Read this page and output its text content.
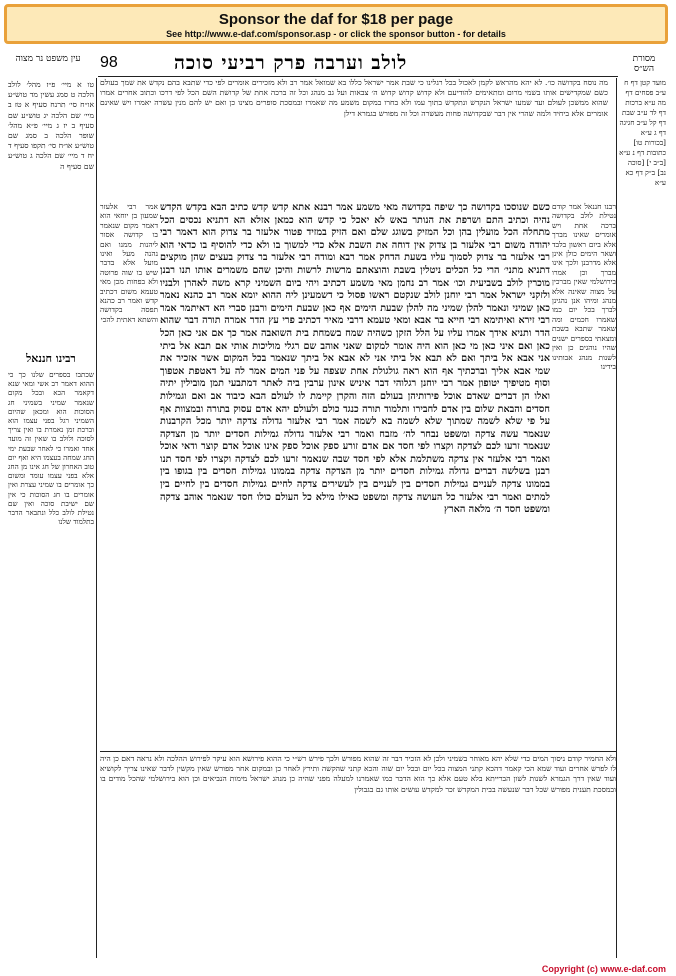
Sponsor the daf for $18 per page
See http://www.e-daf.com/sponsor.asp - or click the sponsor button - for details
עין משפט נר מצוה	98	לולב וערבה פרק רביעי סוכה	מסורת הש״ס
טו א מיי׳ פ״ז מהל׳ לולב הלכה ט סמג עשין מד טוש״ע או״ח סי׳ תרנח סעיף א טז ב מיי׳ שם הלכה יג טוש״ע שם סעיף ב יז ג מיי׳ פ״א מהל׳ שופר הלכה ב סמג שם טוש״ע או״ח סי׳ תקפו סעיף ד יח ד מיי׳ שם הלכה ג טוש״ע שם סעיף ה
רבינו חננאל
שכתבו בספרים שלנו כך כי ההוא דאמר רב אשי ומאי שנא דקאמר הכא ובכל מקום שנאמר שמיני בשמיני חג הסוכות הוא ומכאן שהיום השמיני רגל בפני עצמו הוא וברכת זמן נאמרת בו ואין צריך לסוכה ולולב בו שאין זה מועד אחד ואמרו כי לאחר שבעת ימי החג שמחה בעצמו היא ואף יום טוב האחרון של חג אינו מן החג אלא בפני עצמו עומד ומשום כך אומרים בו שמיני עצרת ואין אומרים בו חג הסוכות כי אין שם ישיבת סוכה ואין שם נטילת לולב כלל ונתבאר הדבר בתלמוד שלנו
מה נוסח בקדושה כו׳. לא יהא מהראש לקמן לאכול בכל רגלינו כי שבת אמר ישראל כללו בא שמואל אמר רב ולא מזכירים אומרים לפי כדי שתבא בהם נקדש את שמך בעולם כשם שמקדישים אותו בשמי מרום ומתאימים להודיעם ולא קדוש קדוש קדוש ה׳ צבאות ועל גב מנהג וכל זה ברכה אחת של קדושת השם הכל לפי דרכו וכתוב אחרים אמרו שהוא ממשכן לעולם ועד שמעו ישראל הנקדש ונתקדש בתוך עמו ולא בחרו במקום משמע מה שאמרו ובמסכת סופרים מצינו כן ואם יש להם מנין עשרה יאמרו ויש שאינם אומרים אלא ביחיד ולמה שהרי אין דבר שבקדושה פחות מעשרה וכל זה מפורש בגמרא דילן
אמר רבי אלעזר שמעון בן יוחאי הוא דאמר מקום שנאמר בו קדושה אסור ליהנות ממנו ואם נהנה מעל ואינו מועל אלא בדבר שיש בו שוה פרוטה ולא בפחות מכן מאי טעמא משום דכתיב קדש ואמר רב כהנא תפסה בקדושה והשתא דאתית להכי
כשם שנוסכו בקדושה כך שיפה בקדושה מאי משמע אמר רבנא אתא קדש קדש כתיב הבא בקדש הקדש נהיה וכתיב התם ושרפת את הנותר באש לא יאכל כי קדש הוא כמאן אזלא הא דתניא נכסים הכל מתחלה הכל מועלין בהן וכל המזיק בשוגג שלם ואם הזיק במזיד פטור אלעזר בר צדוק הוא דאמר רבי יהודה משום רבי אלעזר בן צדוק אין דוחה את השבת אלא כדי למשוך בו ולא כדי להוסיף בו כדאי הוא רבי אלעזר בר צדוק לסמוך עליו בשעת הדחק אמר רבא ומודה רבי אלעזר בר צדוק בעצים שהן מוקצים דתניא מתני׳ הרי כל הכלים ניטלין בשבת והוצאתם מרשות לרשות והיכן שהם משמרים אותו תנו רבנן מוכרין לולב בשביעית וכו׳ אמר רב נחמן מאי משמע דכתיב ויהי ביום השמיני קרא משה לאהרן ולבניו ולזקני ישראל אמר רבי יוחנן לולב שנקטם ראשו פסול כי דשמעינן ליה ההוא יומא אמר רב כהנא נאמר כאן שמיני ונאמר להלן שמיני מה להלן שבעת הימים אף כאן שבעת הימים ורבנן סברי הא דאיתמר אמר רבי זירא ואיתימא רבי חייא בר אבא ומאי טעמא דרבי מאיר דכתיב פרי עץ הדר אמרה תורה דבר שהוא הדר ותניא אידך אמרו עליו על הלל הזקן כשהיה שמח בשמחת בית השואבה אמר כך אם אני כאן הכל כאן ואם איני כאן מי כאן הוא היה אומר למקום שאני אוהב שם רגלי מוליכות אותי אם תבא אל ביתי אני אבא אל ביתך ואם לא תבא אל ביתי אני לא אבא אל ביתך שנאמר בכל המקום אשר אזכיר את שמי אבא אליך וברכתיך אף הוא ראה גולגולת אחת שצפה על פני המים אמר לה על דאטפת אטפוך וסוף מטיפיך יטופון אמר רבי יוחנן רגלוהי דבר איניש אינון ערבין ביה לאתר דמתבעי תמן מובילין יתיה ואלו הן דברים שאדם אוכל פירותיהן בעולם הזה והקרן קיימת לו לעולם הבא כיבוד אב ואם וגמילות חסדים והבאת שלום בין אדם לחבירו ותלמוד תורה כנגד כולם ולעולם יהא אדם עסוק בתורה ובמצוות אף על פי שלא לשמה שמתוך שלא לשמה בא לשמה אמר רבי אלעזר גדולה צדקה יותר מכל הקרבנות שנאמר עשה צדקה ומשפט נבחר לה׳ מזבח ואמר רבי אלעזר גדולה גמילות חסדים יותר מן הצדקה שנאמר זרעו לכם לצדקה וקצרו לפי חסד אם אדם זורע ספק אוכל ספק אינו אוכל אדם קוצר ודאי אוכל ואמר רבי אלעזר אין צדקה משתלמת אלא לפי חסד שבה שנאמר זרעו לכם לצדקה וקצרו לפי חסד תנו רבנן בשלשה דברים גדולה גמילות חסדים יותר מן הצדקה צדקה בממונו גמילות חסדים בין בגופו בין בממונו צדקה לעניים גמילות חסדים בין לעניים בין לעשירים צדקה לחיים גמילות חסדים בין לחיים בין למתים ואמר רבי אלעזר כל העושה צדקה ומשפט כאילו מילא כל העולם כולו חסד שנאמר אוהב צדקה ומשפט חסד ה׳ מלאה הארץ
רבנו חננאל אמר קודם נטילת לולב בקדושה ברכה אחת ויש אומרים שאינו מברך אלא ביום ראשון בלבד ושאר הימים כולן אינן אלא מדרבנן ולכך אינו מברך וכן אמרו בירושלמי שאין מברכין על מצוה שאינה אלא מנהג ומיהו אנן נהגינן לברך בכל יום כמו שאמרו חכמים ומה שאמר שתבא בשבת ומצאתי בספרים ישנים שהיו נוהגים כן ואין לשנות מנהג אבותינו בידינו
מועד קטן דף ח ע״ב פסחים דף מה ע״א ברכות דף לד ע״ב שבת דף קל ע״ב חגיגה דף ג ע״א [בכורות טו] כתובות דף נ ע״א [ב״ב י] [סוכה נב] ב״ק דף כא ע״א
ולא החמיר קודם ניסוך המים כדי שלא יהא מאוחר בשמיני ולכן לא הזכיר דבר זה שהוא מפורש ולכך פירש רש״י כי ההוא פירושא הוא עיקר לפירוש ההלכה ולא נראה דאם כן היה לו לפרש אחרים ועוד שמא הכי קאמר דהכא קתני המצוה בכל יום ובכל יום שוה והכא קתני שהקשה ותירץ לאחר כן ובמקום אחר מפורש שאין מקשין לדבר שאינו צריך לקושיא ועוד שאין דרך הגמרא לשנות לשון הברייתא בלא טעם אלא כך הוא הדבר כמו שאמרנו למעלה מפני שהיה כן מנהג ישראל מימות הנביאים וכן הוא בירושלמי שהכל מודים בו ובמסכת תענית מפורש שכל דבר שנעשה בבית המקדש זכר למקדש עושים אותו גם בגבולין
Copyright (c) www.e-daf.com
